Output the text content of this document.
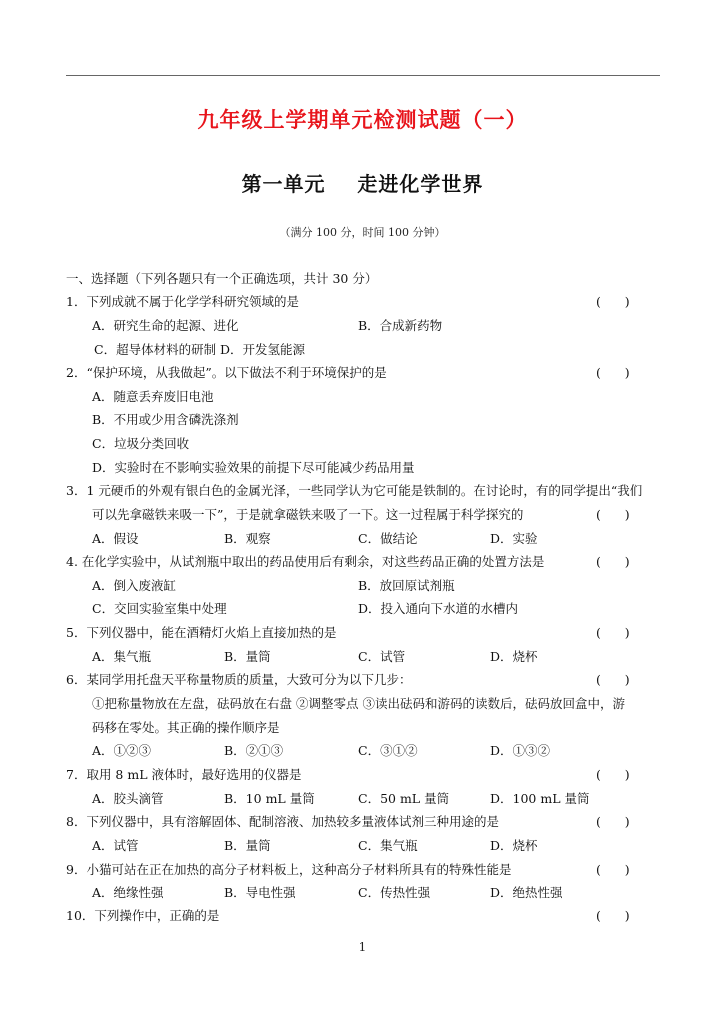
九年级上学期单元检测试题（一）
第一单元    走进化学世界
（满分 100 分，时间 100 分钟）
一、选择题（下列各题只有一个正确选项，共计 30 分）
1．下列成就不属于化学学科研究领域的是	(      )
A．研究生命的起源、进化	B．合成新药物
C．超导体材料的研制 D．开发氢能源
2．“保护环境，从我做起”。以下做法不利于环境保护的是	(      )
A．随意丢弃废旧电池
B．不用或少用含磷洗涤剂
C．垃圾分类回收
D．实验时在不影响实验效果的前提下尽可能减少药品用量
3．1 元硬币的外观有银白色的金属光泽，一些同学认为它可能是铁制的。在讨论时，有的同学提出“我们
可以先拿磁铁来吸一下”，于是就拿磁铁来吸了一下。这一过程属于科学探究的	(      )
A．假设	B．观察	C．做结论	D．实验
4. 在化学实验中，从试剂瓶中取出的药品使用后有剩余，对这些药品正确的处置方法是	(      )
A．倒入废液缸	B．放回原试剂瓶
C．交回实验室集中处理	D．投入通向下水道的水槽内
5．下列仪器中，能在酒精灯火焰上直接加热的是	(      )
A．集气瓶	B．量筒	C．试管	D．烧杯
6．某同学用托盘天平称量物质的质量，大致可分为以下几步：	(      )
①把称量物放在左盘，砝码放在右盘 ②调整零点 ③读出砝码和游码的读数后，砝码放回盒中，游
码移在零处。其正确的操作顺序是
A．①②③	B．②①③	C．③①②	D．①③②
7．取用 8 mL 液体时，最好选用的仪器是	(      )
A．胶头滴管	B．10 mL 量筒	C．50 mL 量筒	D．100 mL 量筒
8．下列仪器中，具有溶解固体、配制溶液、加热较多量液体试剂三种用途的是	(      )
A．试管	B．量筒	C．集气瓶	D．烧杯
9．小猫可站在正在加热的高分子材料板上，这种高分子材料所具有的特殊性能是	(      )
A．绝缘性强	B．导电性强	C．传热性强	D．绝热性强
10．下列操作中，正确的是	(      )
1
